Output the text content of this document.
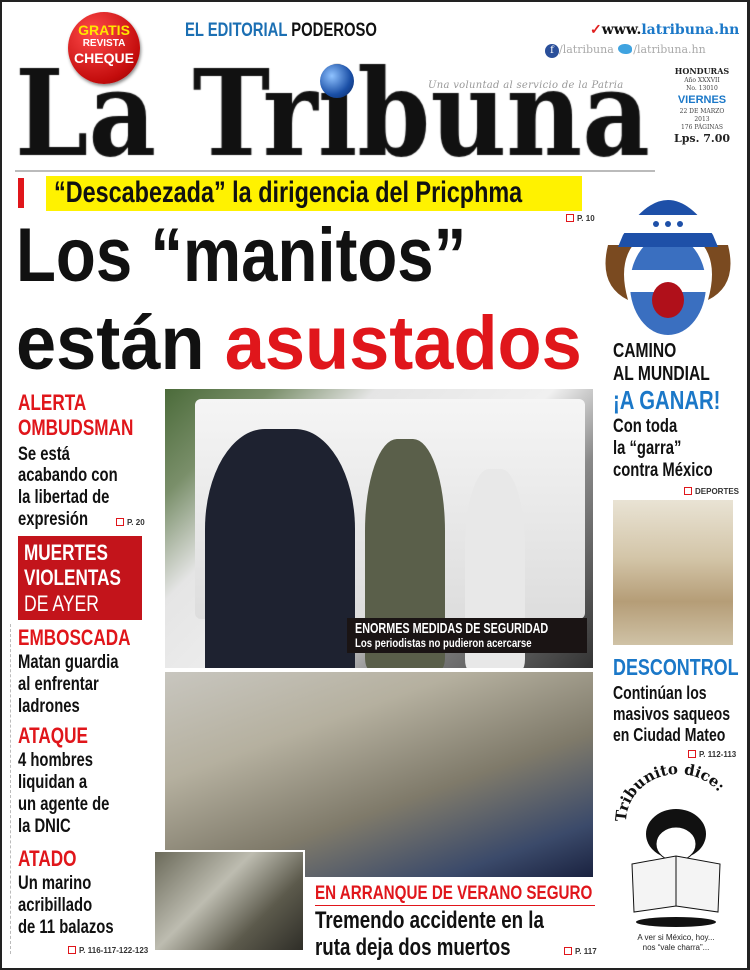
GRATIS
REVISTA
CHEQUE
EL EDITORIAL PODEROSO
Una voluntad al servicio de la Patria
✓www.latribuna.hn
f /latribuna /latribuna.hn
HONDURAS
Año XXXVII
No. 13010
VIERNES
22 DE MARZO
2013
176 PÁGINAS
Lps. 7.00
“Descabezada” la dirigencia del Pricphma
P. 10
Los “manitos”
están asustados
ALERTA
OMBUDSMAN
Se está
acabando con
la libertad de
expresión	P. 20
MUERTES
VIOLENTAS
DE AYER
EMBOSCADA
Matan guardia
al enfrentar
ladrones
ATAQUE
4 hombres
liquidan a
un agente de
la DNIC
ATADO
Un marino
acribillado
de 11 balazos
P. 116-117-122-123
ENORMES MEDIDAS DE SEGURIDAD
Los periodistas no pudieron acercarse
EN ARRANQUE DE VERANO SEGURO
Tremendo accidente en la
ruta deja dos muertos	P. 117
CAMINO
AL MUNDIAL
¡A GANAR!
Con toda
la “garra”
contra México
DEPORTES
DESCONTROL
Continúan los
masivos saqueos
en Ciudad Mateo
P. 112-113
Tribunito dice:
A ver si México, hoy...
nos “vale charra”...
